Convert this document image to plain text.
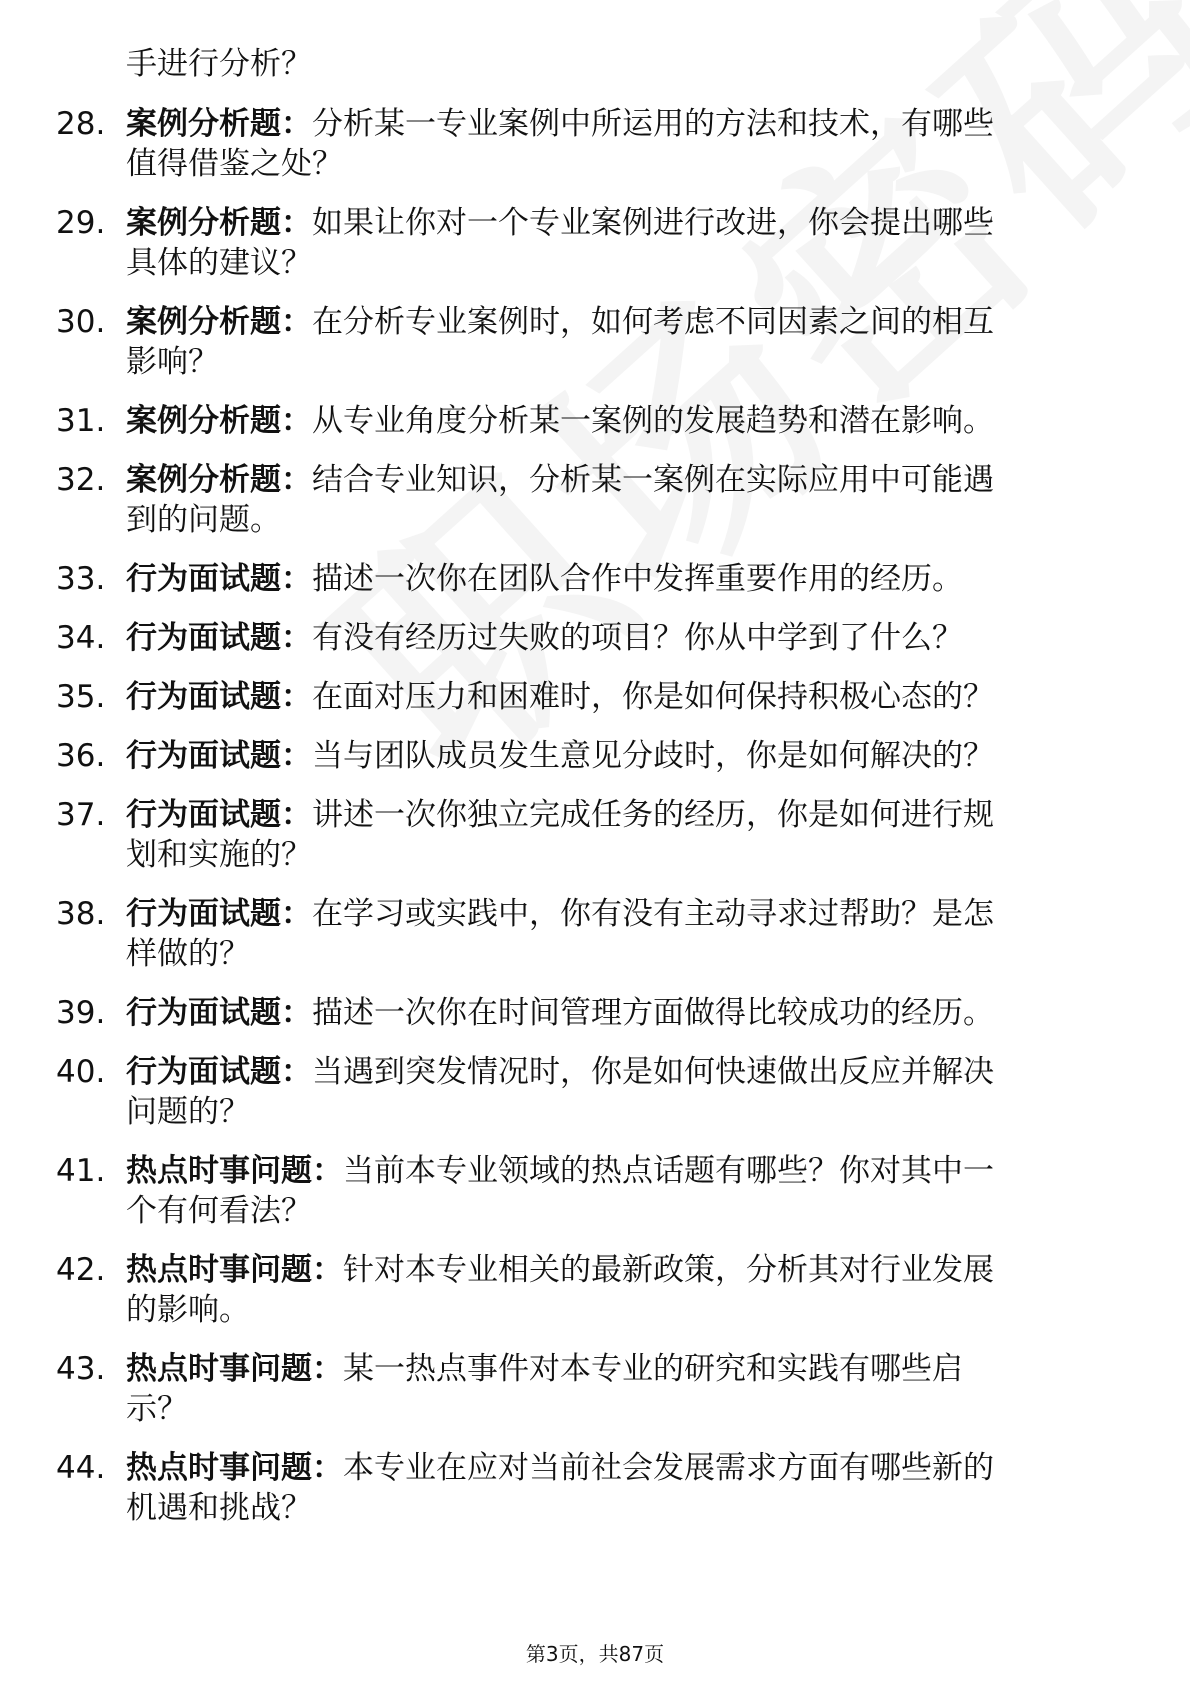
手进行分析？
28. 案例分析题：分析某一专业案例中所运用的方法和技术，有哪些
值得借鉴之处？
29. 案例分析题：如果让你对一个专业案例进行改进，你会提出哪些
具体的建议？
30. 案例分析题：在分析专业案例时，如何考虑不同因素之间的相互
影响？
31. 案例分析题：从专业角度分析某一案例的发展趋势和潜在影响。
32. 案例分析题：结合专业知识，分析某一案例在实际应用中可能遇
到的问题。
33. 行为面试题：描述一次你在团队合作中发挥重要作用的经历。
34. 行为面试题：有没有经历过失败的项目？你从中学到了什么？
35. 行为面试题：在面对压力和困难时，你是如何保持积极心态的？
36. 行为面试题：当与团队成员发生意见分歧时，你是如何解决的？
37. 行为面试题：讲述一次你独立完成任务的经历，你是如何进行规
划和实施的？
38. 行为面试题：在学习或实践中，你有没有主动寻求过帮助？是怎
样做的？
39. 行为面试题：描述一次你在时间管理方面做得比较成功的经历。
40. 行为面试题：当遇到突发情况时，你是如何快速做出反应并解决
问题的？
41. 热点时事问题：当前本专业领域的热点话题有哪些？你对其中一
个有何看法？
42. 热点时事问题：针对本专业相关的最新政策，分析其对行业发展
的影响。
43. 热点时事问题：某一热点事件对本专业的研究和实践有哪些启
示？
44. 热点时事问题：本专业在应对当前社会发展需求方面有哪些新的
机遇和挑战？
第3页，共87页
